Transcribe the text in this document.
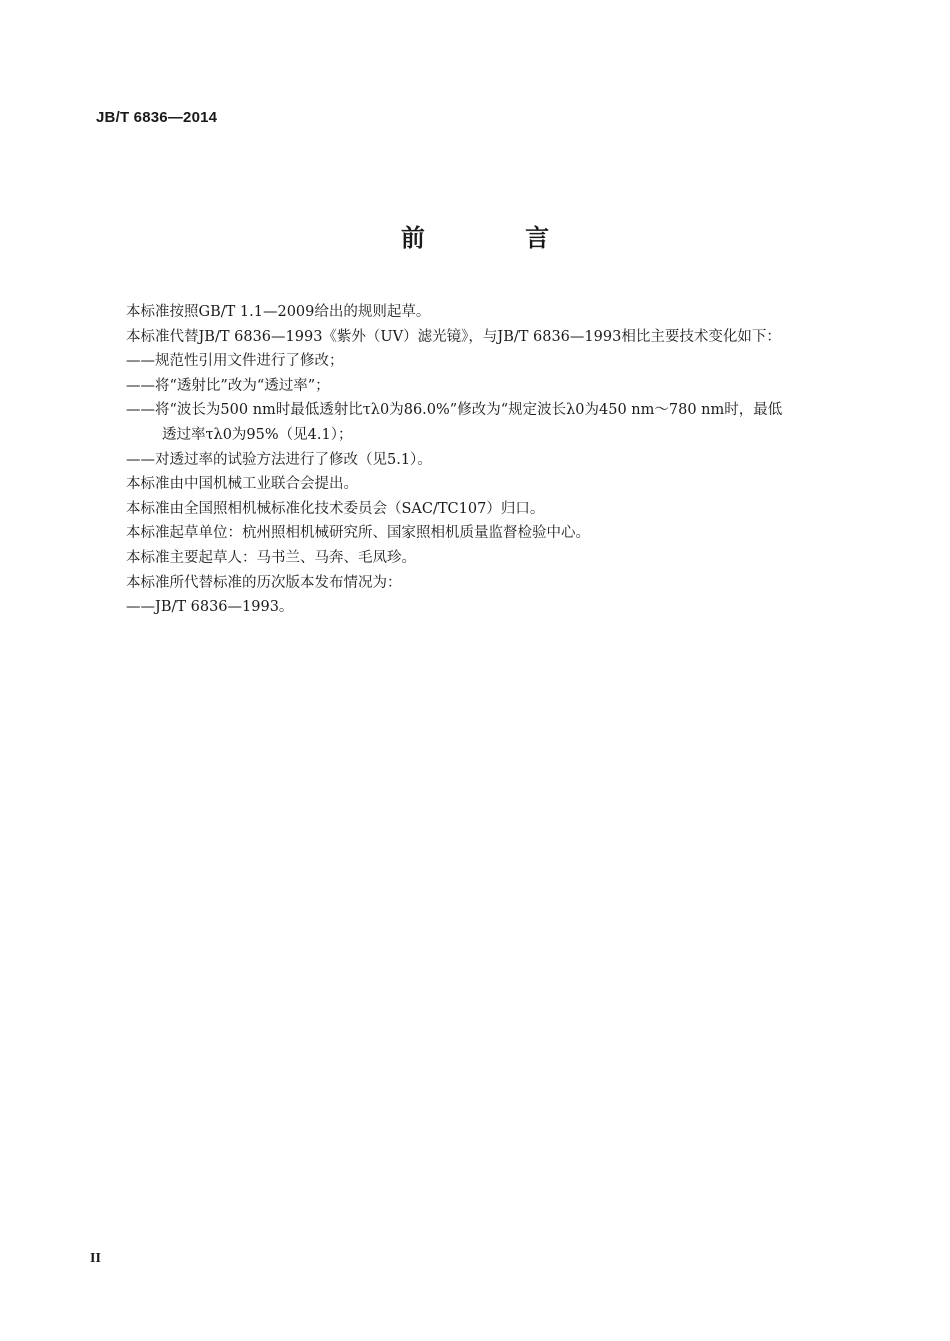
JB/T 6836—2014
前 言
本标准按照GB/T 1.1—2009给出的规则起草。
本标准代替JB/T 6836—1993《紫外（UV）滤光镜》，与JB/T 6836—1993相比主要技术变化如下：
——规范性引用文件进行了修改；
——将“透射比”改为“透过率”；
——将“波长为500 nm时最低透射比τλ0为86.0%”修改为“规定波长λ0为450 nm～780 nm时，最低
透过率τλ0为95%（见4.1）；
——对透过率的试验方法进行了修改（见5.1）。
本标准由中国机械工业联合会提出。
本标准由全国照相机械标准化技术委员会（SAC/TC107）归口。
本标准起草单位：杭州照相机械研究所、国家照相机质量监督检验中心。
本标准主要起草人：马书兰、马奔、毛凤珍。
本标准所代替标准的历次版本发布情况为：
——JB/T 6836—1993。
II
